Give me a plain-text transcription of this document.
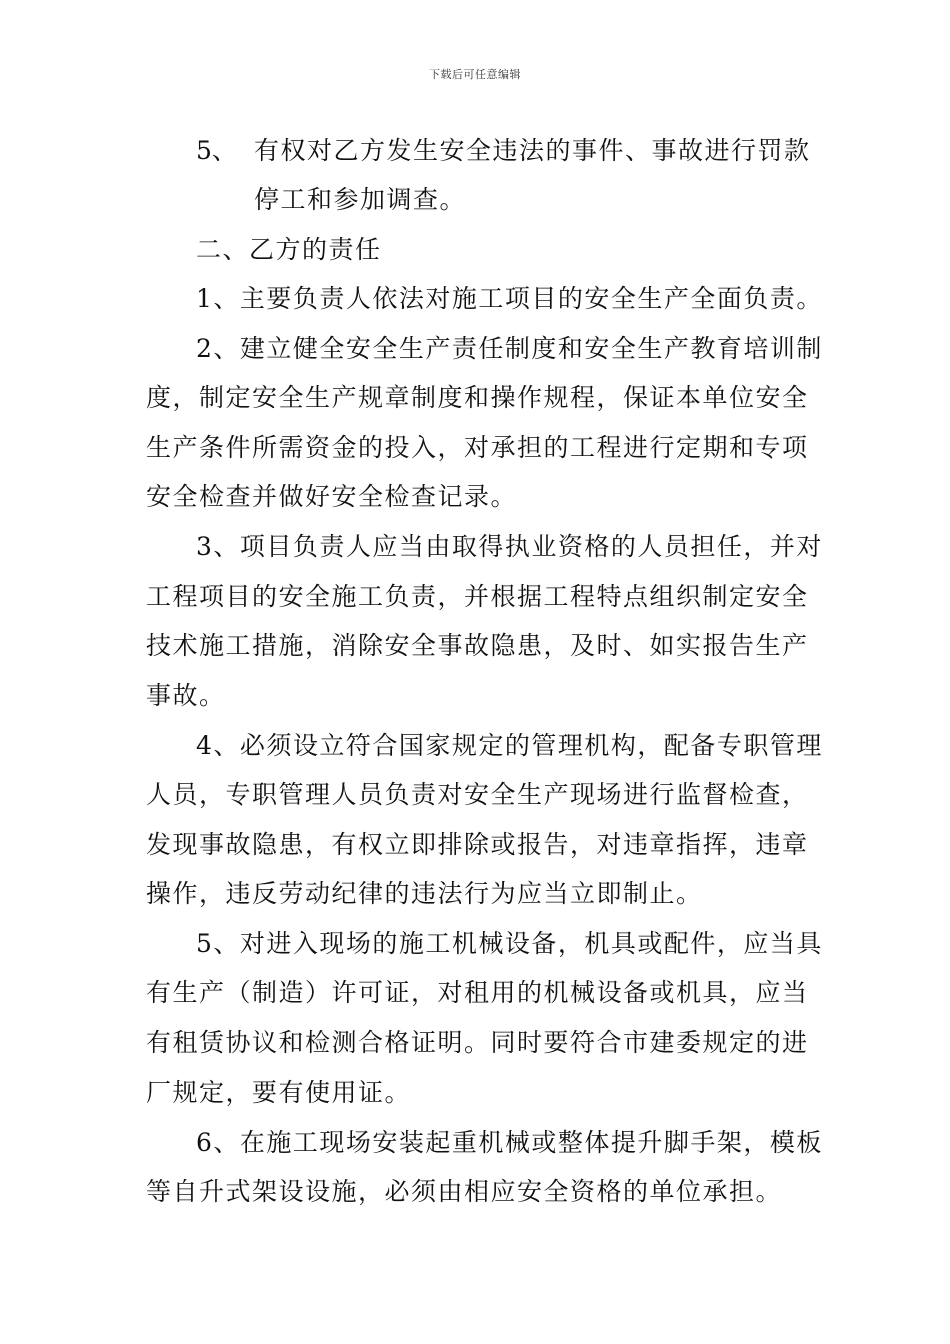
下载后可任意编辑
5、 有权对乙方发生安全违法的事件、事故进行罚款
停工和参加调查。
二、乙方的责任
1、主要负责人依法对施工项目的安全生产全面负责。
2、建立健全安全生产责任制度和安全生产教育培训制
度，制定安全生产规章制度和操作规程，保证本单位安全
生产条件所需资金的投入，对承担的工程进行定期和专项
安全检查并做好安全检查记录。
3、项目负责人应当由取得执业资格的人员担任，并对
工程项目的安全施工负责，并根据工程特点组织制定安全
技术施工措施，消除安全事故隐患，及时、如实报告生产
事故。
4、必须设立符合国家规定的管理机构，配备专职管理
人员，专职管理人员负责对安全生产现场进行监督检查，
发现事故隐患，有权立即排除或报告，对违章指挥，违章
操作，违反劳动纪律的违法行为应当立即制止。
5、对进入现场的施工机械设备，机具或配件，应当具
有生产（制造）许可证，对租用的机械设备或机具，应当
有租赁协议和检测合格证明。同时要符合市建委规定的进
厂规定，要有使用证。
6、在施工现场安装起重机械或整体提升脚手架，模板
等自升式架设设施，必须由相应安全资格的单位承担。
